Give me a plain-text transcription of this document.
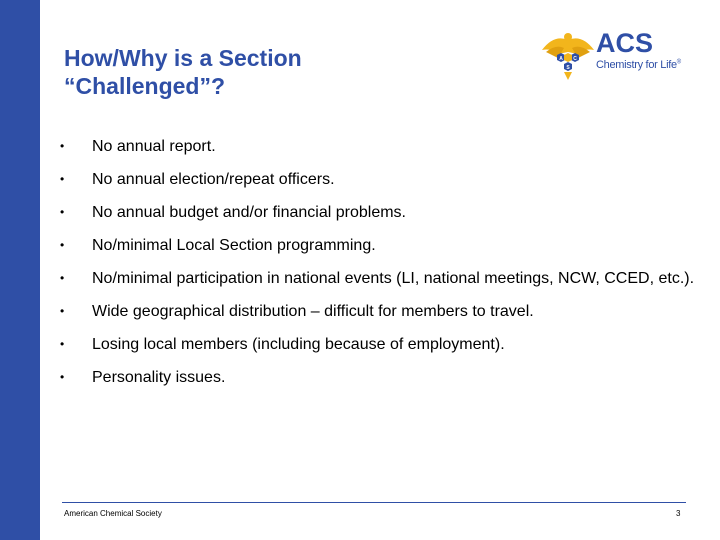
How/Why is a Section
“Challenged”?
A C
S
ACS
Chemistry for Life®
• No annual report.
• No annual election/repeat officers.
• No annual budget and/or financial problems.
• No/minimal Local Section programming.
• No/minimal participation in national events (LI, national meetings, NCW, CCED, etc.).
• Wide geographical distribution – difficult for members to travel.
• Losing local members (including because of employment).
• Personality issues.
American Chemical Society	3
